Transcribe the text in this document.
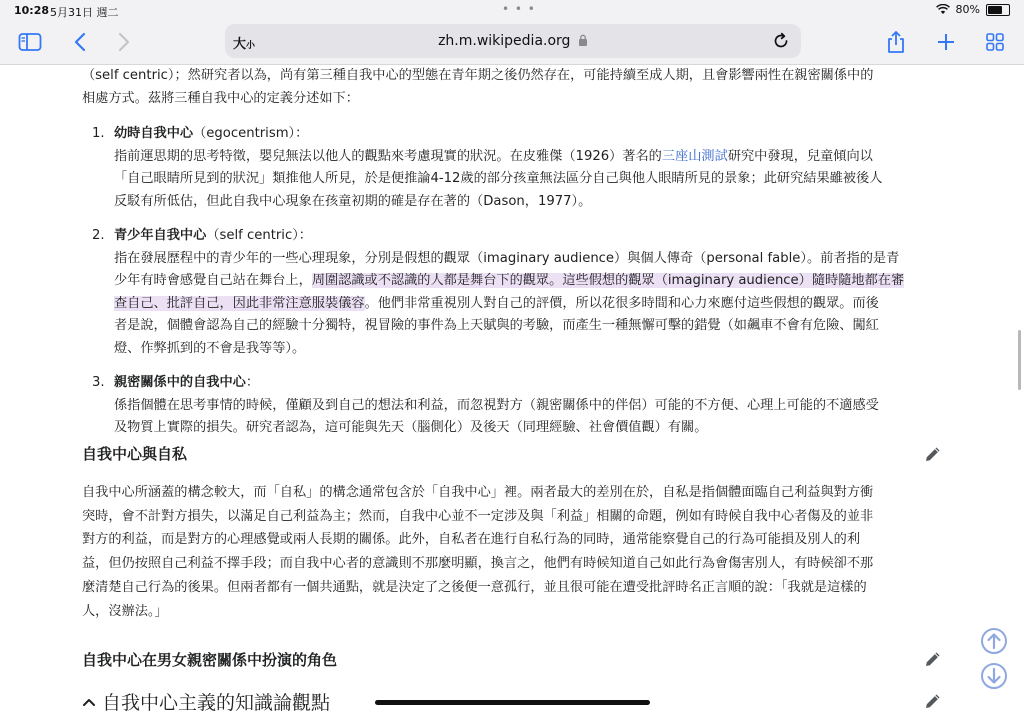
10:28 5月31日 週二	• • •	80%
大小	zh.m.wikipedia.org

（self centric）；然研究者以為，尚有第三種自我中心的型態在青年期之後仍然存在，可能持續至成人期，且會影響兩性在親密關係中的

相處方式。茲將三種自我中心的定義分述如下：

1. 幼時自我中心（egocentrism）：
指前運思期的思考特徵，嬰兒無法以他人的觀點來考慮現實的狀況。在皮雅傑（1926）著名的三座山測試研究中發現，兒童傾向以
「自己眼睛所見到的狀況」類推他人所見，於是便推論4-12歲的部分孩童無法區分自己與他人眼睛所見的景象；此研究結果雖被後人
反駁有所低估，但此自我中心現象在孩童初期的確是存在著的（Dason，1977）。
2. 青少年自我中心（self centric）：
指在發展歷程中的青少年的一些心理現象，分別是假想的觀眾（imaginary audience）與個人傳奇（personal fable）。前者指的是青
少年有時會感覺自己站在舞台上，周圍認識或不認識的人都是舞台下的觀眾。這些假想的觀眾（imaginary audience）隨時隨地都在審
查自己、批評自己，因此非常注意服裝儀容。他們非常重視別人對自己的評價，所以花很多時間和心力來應付這些假想的觀眾。而後
者是說，個體會認為自己的經驗十分獨特，視冒險的事件為上天賦與的考驗，而產生一種無懈可擊的錯覺（如飆車不會有危險、闖紅
燈、作弊抓到的不會是我等等）。
3. 親密關係中的自我中心：
係指個體在思考事情的時候，僅顧及到自己的想法和利益，而忽視對方（親密關係中的伴侶）可能的不方便、心理上可能的不適感受
及物質上實際的損失。研究者認為，這可能與先天（腦側化）及後天（同理經驗、社會價值觀）有關。
自我中心與自私
自我中心所涵蓋的構念較大，而「自私」的構念通常包含於「自我中心」裡。兩者最大的差別在於，自私是指個體面臨自己利益與對方衝
突時，會不計對方損失，以滿足自己利益為主；然而，自我中心並不一定涉及與「利益」相關的命題，例如有時候自我中心者傷及的並非
對方的利益，而是對方的心理感覺或兩人長期的關係。此外，自私者在進行自私行為的同時，通常能察覺自己的行為可能損及別人的利
益，但仍按照自己利益不擇手段；而自我中心者的意識則不那麼明顯，換言之，他們有時候知道自己如此行為會傷害別人，有時候卻不那
麼清楚自己行為的後果。但兩者都有一個共通點，就是決定了之後便一意孤行，並且很可能在遭受批評時名正言順的說：「我就是這樣的
人，沒辦法。」
自我中心在男女親密關係中扮演的角色
自我中心主義的知識論觀點
